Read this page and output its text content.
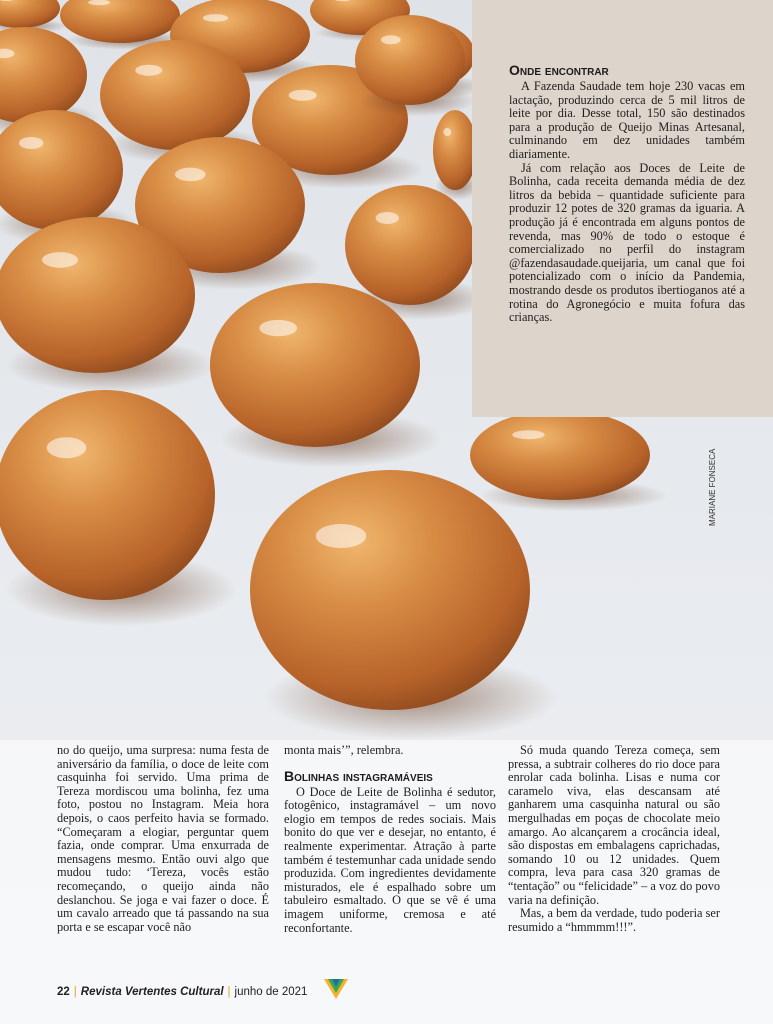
Onde encontrar

A Fazenda Saudade tem hoje 230 vacas em lactação, produzindo cerca de 5 mil litros de leite por dia. Desse total, 150 são destinados para a produção de Queijo Minas Artesanal, culminando em dez unidades também diariamente.

Já com relação aos Doces de Leite de Bolinha, cada receita demanda média de dez litros da bebida – quantidade suficiente para produzir 12 potes de 320 gramas da iguaria. A produção já é encontrada em alguns pontos de revenda, mas 90% de todo o estoque é comercializado no perfil do instagram @fazendasaudade.queijaria, um canal que foi potencializado com o início da Pandemia, mostrando desde os produtos ibertioganos até a rotina do Agronegócio e muita fofura das crianças.

MARIANE FONSECA

no do queijo, uma surpresa: numa festa de aniversário da família, o doce de leite com casquinha foi servido. Uma prima de Tereza mordiscou uma bolinha, fez uma foto, postou no Instagram. Meia hora depois, o caos perfeito havia se formado. “Começaram a elogiar, perguntar quem fazia, onde comprar. Uma enxurrada de mensagens mesmo. Então ouvi algo que mudou tudo: ‘Tereza, vocês estão recomeçando, o queijo ainda não deslanchou. Se joga e vai fazer o doce. É um cavalo arreado que tá passando na sua porta e se escapar você não

monta mais’”, relembra.

Bolinhas instagramáveis

O Doce de Leite de Bolinha é sedutor, fotogênico, instagramável – um novo elogio em tempos de redes sociais. Mais bonito do que ver e desejar, no entanto, é realmente experimentar. Atração à parte também é testemunhar cada unidade sendo produzida. Com ingredientes devidamente misturados, ele é espalhado sobre um tabuleiro esmaltado. O que se vê é uma imagem uniforme, cremosa e até reconfortante.

Só muda quando Tereza começa, sem pressa, a subtrair colheres do rio doce para enrolar cada bolinha. Lisas e numa cor caramelo viva, elas descansam até ganharem uma casquinha natural ou são mergulhadas em poças de chocolate meio amargo. Ao alcançarem a crocância ideal, são dispostas em embalagens caprichadas, somando 10 ou 12 unidades. Quem compra, leva para casa 320 gramas de “tentação” ou “felicidade” – a voz do povo varia na definição.

Mas, a bem da verdade, tudo poderia ser resumido a “hmmmm!!!”.

22 | Revista Vertentes Cultural | junho de 2021
